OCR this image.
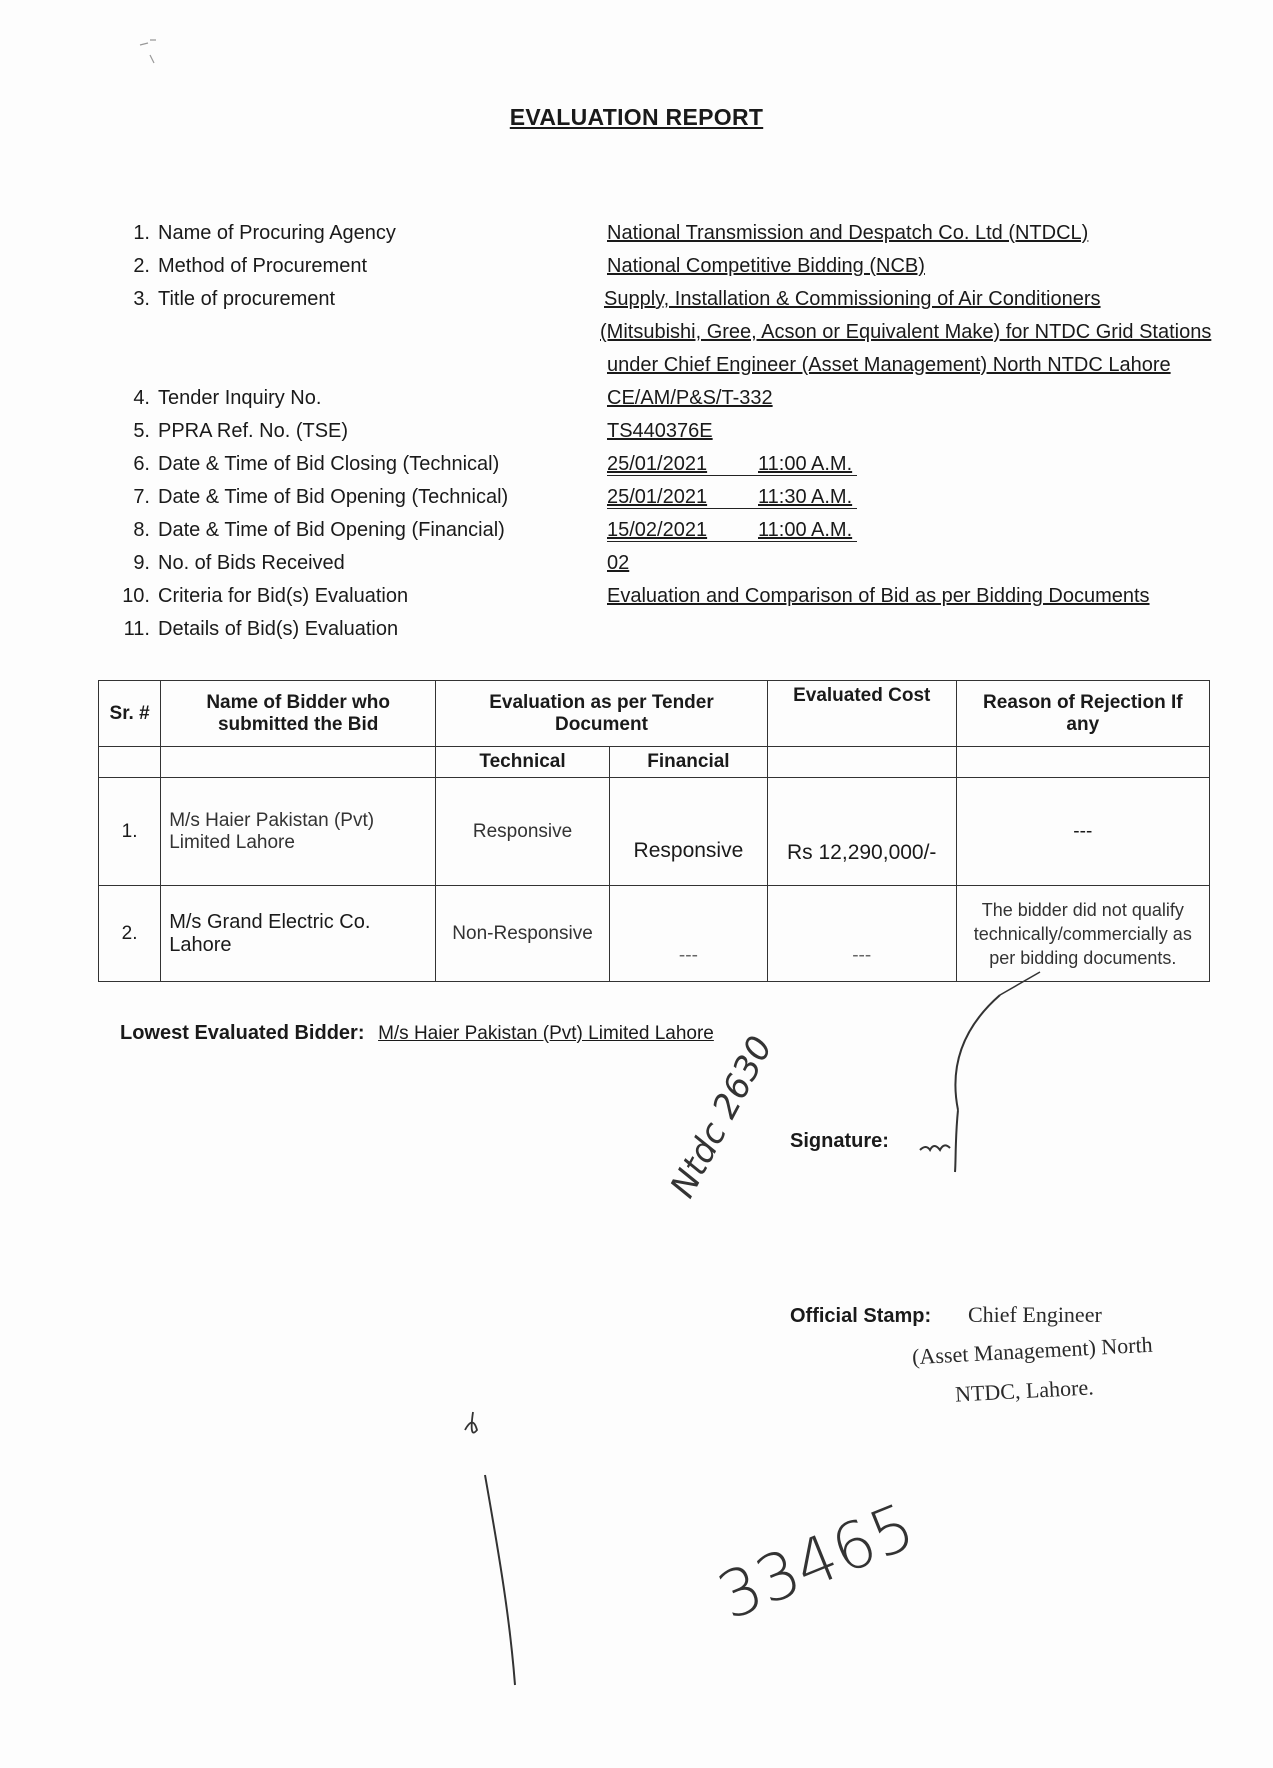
EVALUATION REPORT
1. Name of Procuring Agency	National Transmission and Despatch Co. Ltd (NTDCL)
2. Method of Procurement	National Competitive Bidding (NCB)
3. Title of procurement	Supply, Installation & Commissioning of Air Conditioners
(Mitsubishi, Gree, Acson or Equivalent Make) for NTDC Grid Stations
under Chief Engineer (Asset Management) North NTDC Lahore
4. Tender Inquiry No.	CE/AM/P&S/T-332
5. PPRA Ref. No. (TSE)	TS440376E
6. Date & Time of Bid Closing (Technical)	25/01/2021	11:00 A.M.
7. Date & Time of Bid Opening (Technical)	25/01/2021	11:30 A.M.
8. Date & Time of Bid Opening (Financial)	15/02/2021	11:00 A.M.
9. No. of Bids Received	02
10. Criteria for Bid(s) Evaluation	Evaluation and Comparison of Bid as per Bidding Documents
11. Details of Bid(s) Evaluation
Sr. #	Name of Bidder who submitted the Bid	Evaluation as per Tender Document		Evaluated Cost	Reason of Rejection If any
		Technical	Financial		
1.	M/s Haier Pakistan (Pvt) Limited Lahore	Responsive	Responsive	Rs 12,290,000/-	---
2.	M/s Grand Electric Co. Lahore	Non-Responsive	---	---	The bidder did not qualify technically/commercially as per bidding documents.
Lowest Evaluated Bidder: M/s Haier Pakistan (Pvt) Limited Lahore
Signature:
Official Stamp: Chief Engineer
(Asset Management) North
NTDC, Lahore.
Ntdc 2630
33465
